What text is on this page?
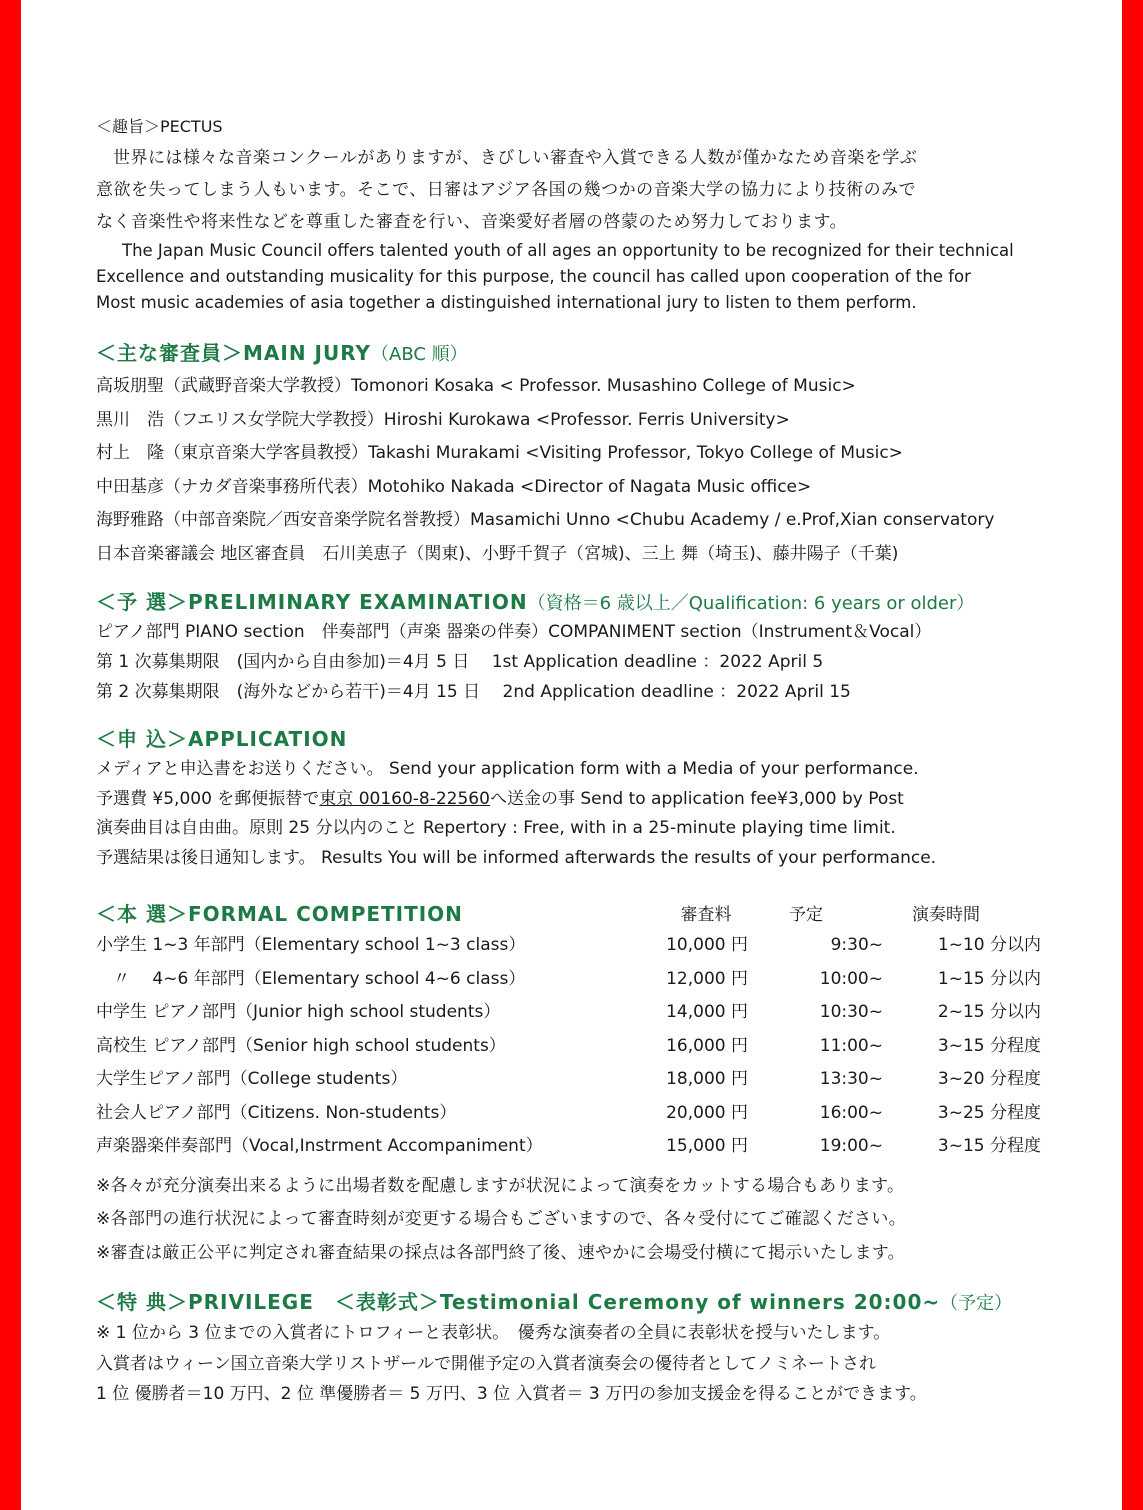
＜趣旨＞PECTUS
世界には様々な音楽コンクールがありますが、きびしい審査や入賞できる人数が僅かなため音楽を学ぶ
意欲を失ってしまう人もいます。そこで、日審はアジア各国の幾つかの音楽大学の協力により技術のみで
なく音楽性や将来性などを尊重した審査を行い、音楽愛好者層の啓蒙のため努力しております。
The Japan Music Council offers talented youth of all ages an opportunity to be recognized for their technical
Excellence and outstanding musicality for this purpose, the council has called upon cooperation of the for
Most music academies of asia together a distinguished international jury to listen to them perform.
＜主な審査員＞MAIN JURY（ABC 順）
高坂朋聖（武蔵野音楽大学教授）Tomonori Kosaka < Professor. Musashino College of Music>
黒川　浩（フエリス女学院大学教授）Hiroshi Kurokawa <Professor. Ferris University>
村上　隆（東京音楽大学客員教授）Takashi Murakami <Visiting Professor, Tokyo College of Music>
中田基彦（ナカダ音楽事務所代表）Motohiko Nakada <Director of Nagata Music office>
海野雅路（中部音楽院／西安音楽学院名誉教授）Masamichi Unno <Chubu Academy / e.Prof,Xian conservatory
日本音楽審議会 地区審査員　石川美恵子（関東)、小野千賀子（宮城)、三上 舞（埼玉)、藤井陽子（千葉)
＜予 選＞PRELIMINARY EXAMINATION（資格＝6 歳以上／Qualification: 6 years or older）
ピアノ部門 PIANO section　伴奏部門（声楽 器楽の伴奏）COMPANIMENT section（Instrument＆Vocal）
第 1 次募集期限　(国内から自由参加)＝4月 5 日　 1st Application deadline ：2022 April 5
第 2 次募集期限　(海外などから若干)＝4月 15 日　 2nd Application deadline ：2022 April 15
＜申 込＞APPLICATION
メディアと申込書をお送りください。 Send your application form with a Media of your performance.
予選費 ¥5,000 を郵便振替で東京 00160-8-22560へ送金の事 Send to application fee¥3,000 by Post
演奏曲目は自由曲。原則 25 分以内のこと Repertory : Free, with in a 25-minute playing time limit.
予選結果は後日通知します。 Results You will be informed afterwards the results of your performance.
＜本 選＞FORMAL COMPETITION	審査料	予定	演奏時間
小学生 1~3 年部門（Elementary school 1~3 class）	10,000 円	9:30~	1~10 分以内
　〃　 4~6 年部門（Elementary school 4~6 class）	12,000 円	10:00~	1~15 分以内
中学生 ピアノ部門（Junior high school students）	14,000 円	10:30~	2~15 分以内
高校生 ピアノ部門（Senior high school students）	16,000 円	11:00~	3~15 分程度
大学生ピアノ部門（College students）	18,000 円	13:30~	3~20 分程度
社会人ピアノ部門（Citizens. Non-students）	20,000 円	16:00~	3~25 分程度
声楽器楽伴奏部門（Vocal,Instrment Accompaniment）	15,000 円	19:00~	3~15 分程度
※各々が充分演奏出来るように出場者数を配慮しますが状況によって演奏をカットする場合もあります。
※各部門の進行状況によって審査時刻が変更する場合もございますので、各々受付にてご確認ください。
※審査は厳正公平に判定され審査結果の採点は各部門終了後、速やかに会場受付横にて掲示いたします。
＜特 典＞PRIVILEGE　＜表彰式＞Testimonial Ceremony of winners 20:00~（予定）
※ 1 位から 3 位までの入賞者にトロフィーと表彰状。　優秀な演奏者の全員に表彰状を授与いたします。
入賞者はウィーン国立音楽大学リストザールで開催予定の入賞者演奏会の優待者としてノミネートされ
1 位 優勝者＝10 万円、2 位 準優勝者＝ 5 万円、3 位 入賞者＝ 3 万円の参加支援金を得ることができます。
